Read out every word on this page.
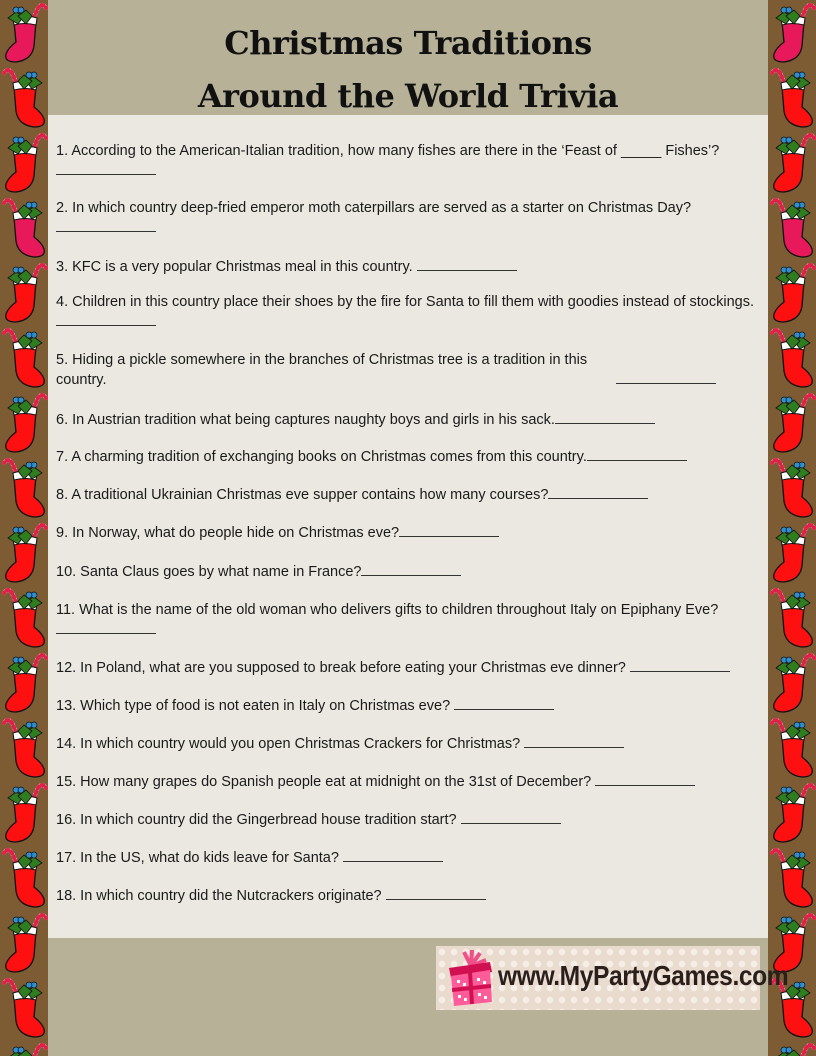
Christmas Traditions
Around the World Trivia
1. According to the American-Italian tradition, how many fishes are there in the ‘Feast of _____ Fishes’?

2. In which country deep-fried emperor moth caterpillars are served as a starter on Christmas Day?
3. KFC is a very popular Christmas meal in this country.
4. Children in this country place their shoes by the fire for Santa to fill them with goodies instead of stockings.
5. Hiding a pickle somewhere in the branches of Christmas tree is a tradition in this country.
6. In Austrian tradition what being captures naughty boys and girls in his sack.
7. A charming tradition of exchanging books on Christmas comes from this country.
8. A traditional Ukrainian Christmas eve supper contains how many courses?
9. In Norway, what do people hide on Christmas eve?
10. Santa Claus goes by what name in France?
11. What is the name of the old woman who delivers gifts to children throughout Italy on Epiphany Eve?

12. In Poland, what are you supposed to break before eating your Christmas eve dinner?
13. Which type of food is not eaten in Italy on Christmas eve?
14. In which country would you open Christmas Crackers for Christmas?
15. How many grapes do Spanish people eat at midnight on the 31st of December?
16. In which country did the Gingerbread house tradition start?
17. In the US, what do kids leave for Santa?
18. In which country did the Nutcrackers originate?
www.MyPartyGames.com
